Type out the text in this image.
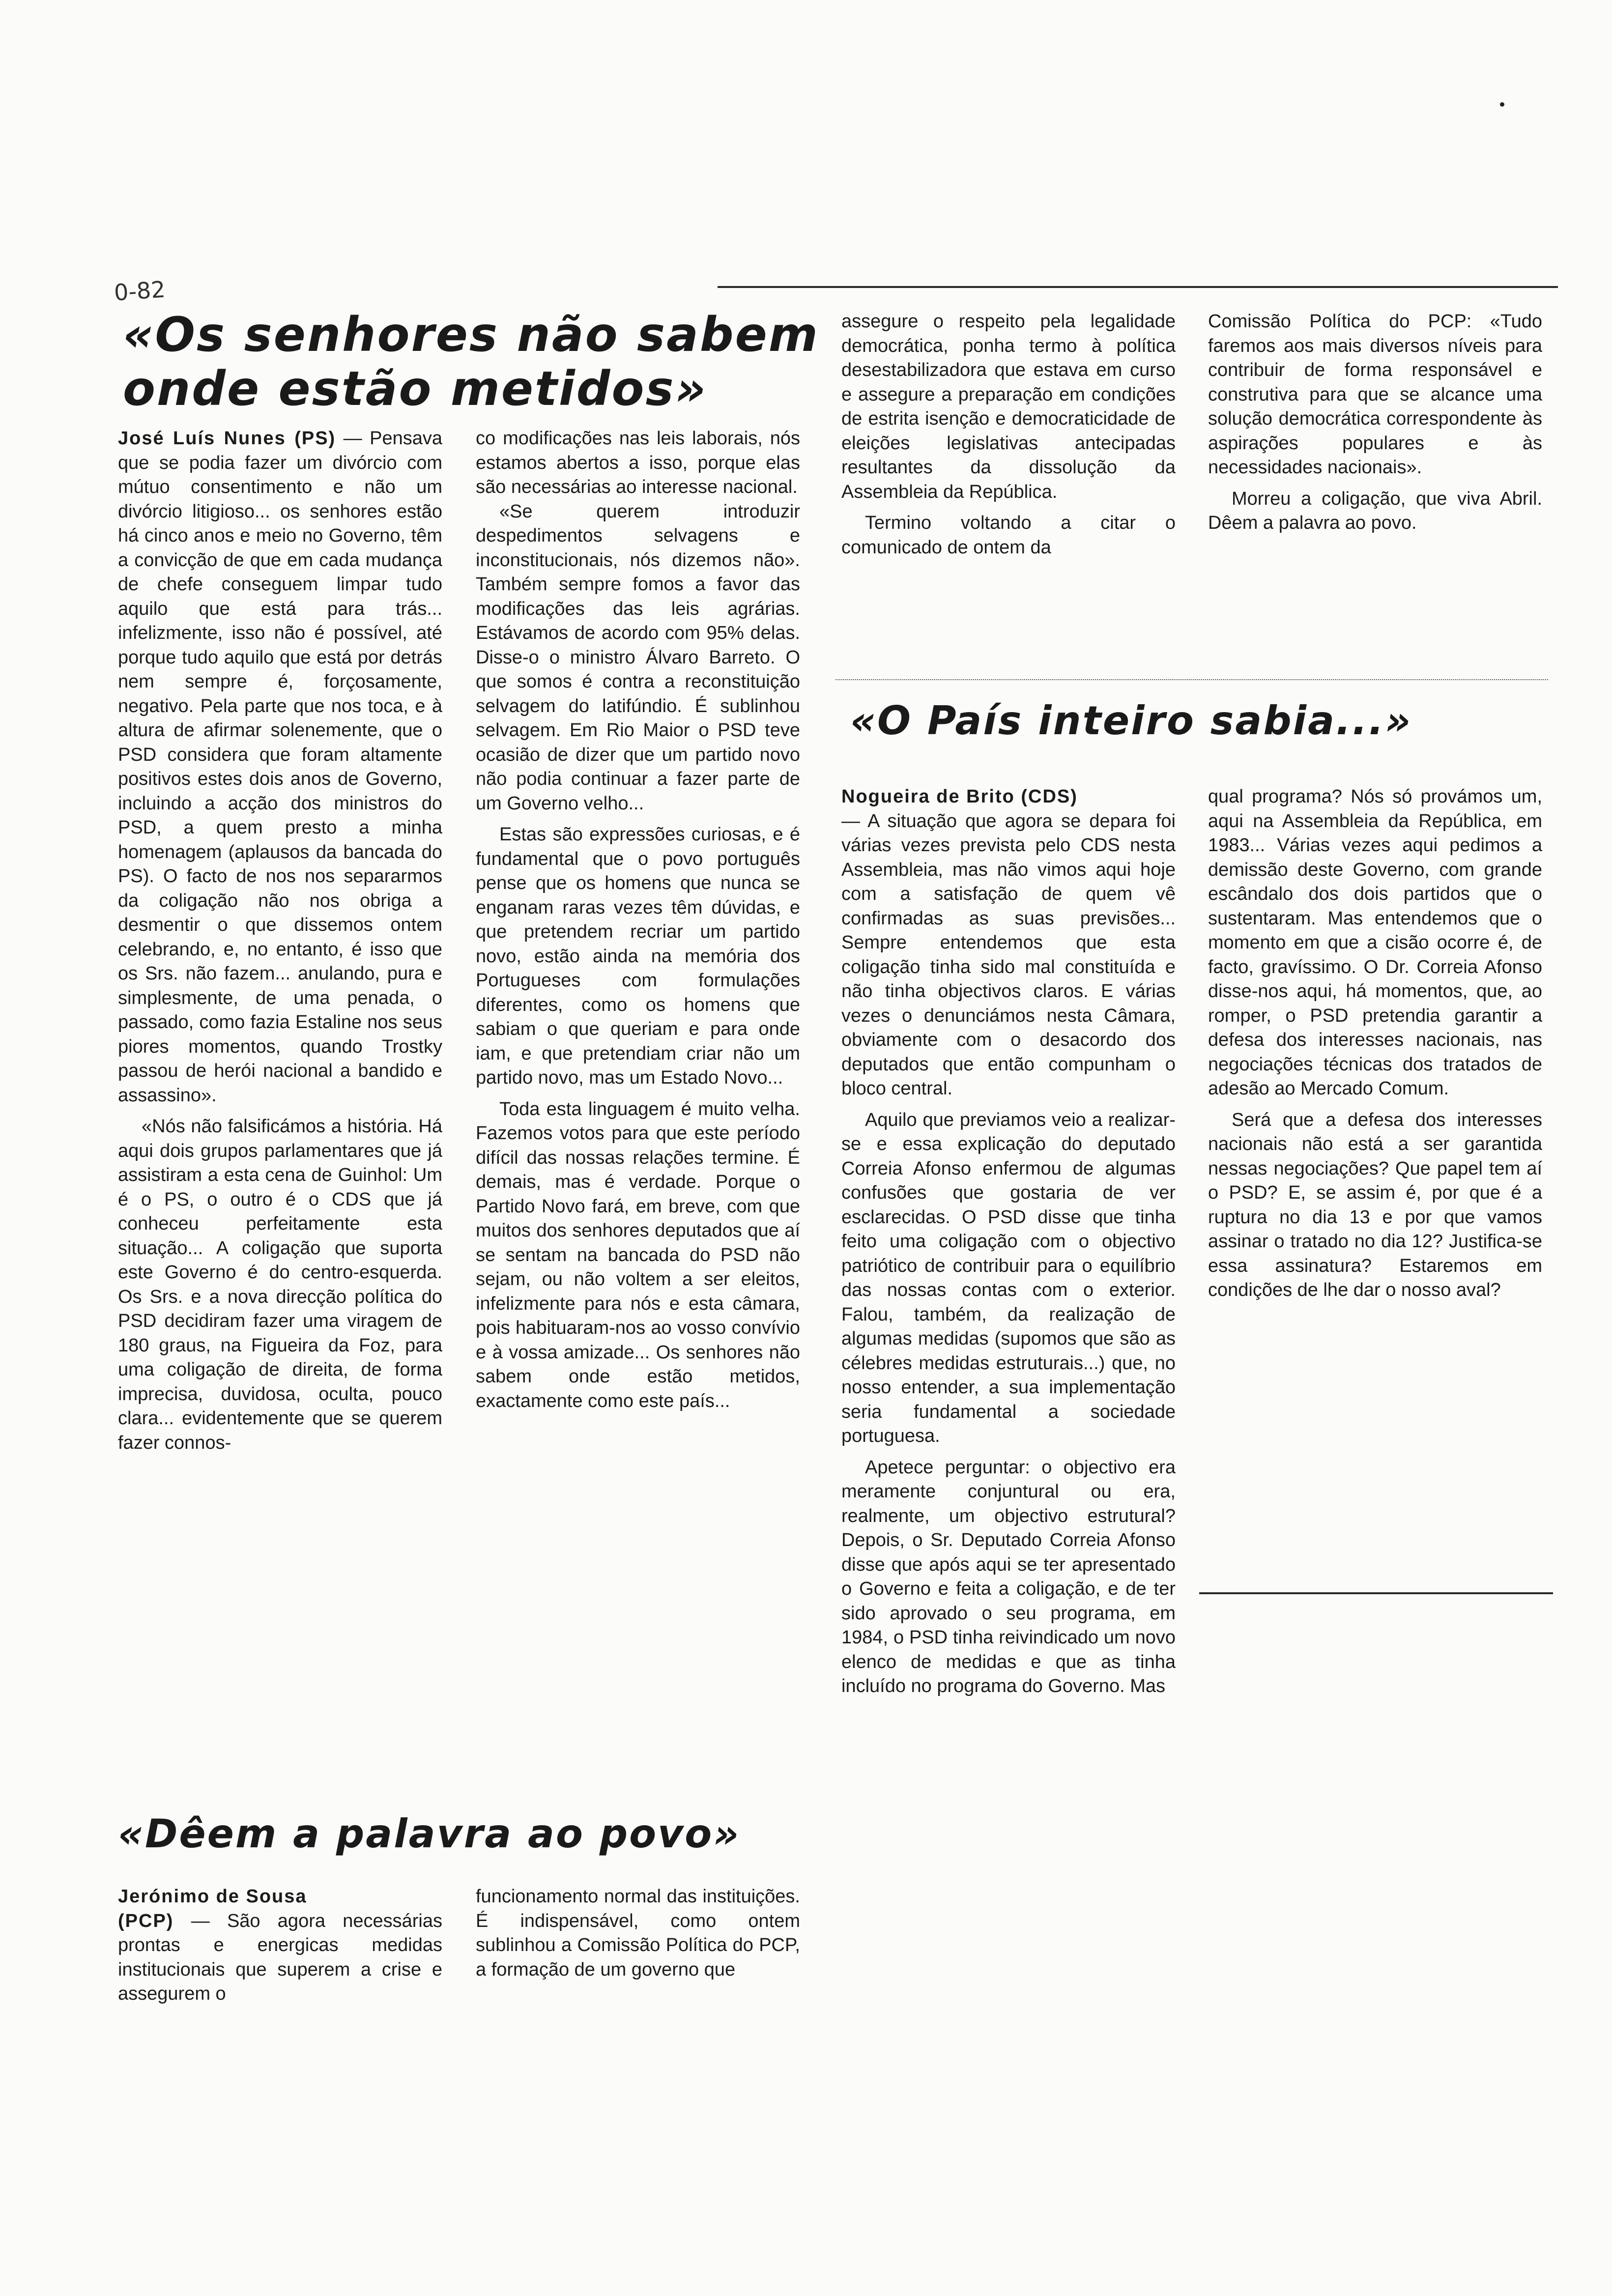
0-82
«Os senhores não sabem
onde estão metidos»

José Luís Nunes (PS) — Pensava que se podia fazer um divórcio com mútuo consentimento e não um divórcio litigioso... os senhores estão há cinco anos e meio no Governo, têm a convicção de que em cada mudança de chefe conseguem limpar tudo aquilo que está para trás... infelizmente, isso não é possível, até porque tudo aquilo que está por detrás nem sempre é, forçosamente, negativo. Pela parte que nos toca, e à altura de afirmar solenemente, que o PSD considera que foram altamente positivos estes dois anos de Governo, incluindo a acção dos ministros do PSD, a quem presto a minha homenagem (aplausos da bancada do PS). O facto de nos nos separarmos da coligação não nos obriga a desmentir o que dissemos ontem celebrando, e, no entanto, é isso que os Srs. não fazem... anulando, pura e simplesmente, de uma penada, o passado, como fazia Estaline nos seus piores momentos, quando Trostky passou de herói nacional a bandido e assassino».

«Nós não falsificámos a história. Há aqui dois grupos parlamentares que já assistiram a esta cena de Guinhol: Um é o PS, o outro é o CDS que já conheceu perfeitamente esta situação... A coligação que suporta este Governo é do centro-esquerda. Os Srs. e a nova direcção política do PSD decidiram fazer uma viragem de 180 graus, na Figueira da Foz, para uma coligação de direita, de forma imprecisa, duvidosa, oculta, pouco clara... evidentemente que se querem fazer connos-

co modificações nas leis laborais, nós estamos abertos a isso, porque elas são necessárias ao interesse nacional.

«Se querem introduzir despedimentos selvagens e inconstitucionais, nós dizemos não». Também sempre fomos a favor das modificações das leis agrárias. Estávamos de acordo com 95% delas. Disse-o o ministro Álvaro Barreto. O que somos é contra a reconstituição selvagem do latifúndio. É sublinhou selvagem. Em Rio Maior o PSD teve ocasião de dizer que um partido novo não podia continuar a fazer parte de um Governo velho...

Estas são expressões curiosas, e é fundamental que o povo português pense que os homens que nunca se enganam raras vezes têm dúvidas, e que pretendem recriar um partido novo, estão ainda na memória dos Portugueses com formulações diferentes, como os homens que sabiam o que queriam e para onde iam, e que pretendiam criar não um partido novo, mas um Estado Novo...

Toda esta linguagem é muito velha. Fazemos votos para que este período difícil das nossas relações termine. É demais, mas é verdade. Porque o Partido Novo fará, em breve, com que muitos dos senhores deputados que aí se sentam na bancada do PSD não sejam, ou não voltem a ser eleitos, infelizmente para nós e esta câmara, pois habituaram-nos ao vosso convívio e à vossa amizade... Os senhores não sabem onde estão metidos, exactamente como este país...

assegure o respeito pela legalidade democrática, ponha termo à política desestabilizadora que estava em curso e assegure a preparação em condições de estrita isenção e democraticidade de eleições legislativas antecipadas resultantes da dissolução da Assembleia da República.

Termino voltando a citar o comunicado de ontem da

Comissão Política do PCP: «Tudo faremos aos mais diversos níveis para contribuir de forma responsável e construtiva para que se alcance uma solução democrática correspondente às aspirações populares e às necessidades nacionais».

Morreu a coligação, que viva Abril. Dêem a palavra ao povo.

«O País inteiro sabia...»

Nogueira de Brito (CDS)

— A situação que agora se depara foi várias vezes prevista pelo CDS nesta Assembleia, mas não vimos aqui hoje com a satisfação de quem vê confirmadas as suas previsões... Sempre entendemos que esta coligação tinha sido mal constituída e não tinha objectivos claros. E várias vezes o denunciámos nesta Câmara, obviamente com o desacordo dos deputados que então compunham o bloco central.

Aquilo que previamos veio a realizar-se e essa explicação do deputado Correia Afonso enfermou de algumas confusões que gostaria de ver esclarecidas. O PSD disse que tinha feito uma coligação com o objectivo patriótico de contribuir para o equilíbrio das nossas contas com o exterior. Falou, também, da realização de algumas medidas (supomos que são as célebres medidas estruturais...) que, no nosso entender, a sua implementação seria fundamental a sociedade portuguesa.

Apetece perguntar: o objectivo era meramente conjuntural ou era, realmente, um objectivo estrutural? Depois, o Sr. Deputado Correia Afonso disse que após aqui se ter apresentado o Governo e feita a coligação, e de ter sido aprovado o seu programa, em 1984, o PSD tinha reivindicado um novo elenco de medidas e que as tinha incluído no programa do Governo. Mas

qual programa? Nós só provámos um, aqui na Assembleia da República, em 1983... Várias vezes aqui pedimos a demissão deste Governo, com grande escândalo dos dois partidos que o sustentaram. Mas entendemos que o momento em que a cisão ocorre é, de facto, gravíssimo. O Dr. Correia Afonso disse-nos aqui, há momentos, que, ao romper, o PSD pretendia garantir a defesa dos interesses nacionais, nas negociações técnicas dos tratados de adesão ao Mercado Comum.

Será que a defesa dos interesses nacionais não está a ser garantida nessas negociações? Que papel tem aí o PSD? E, se assim é, por que é a ruptura no dia 13 e por que vamos assinar o tratado no dia 12? Justifica-se essa assinatura? Estaremos em condições de lhe dar o nosso aval?

«Dêem a palavra ao povo»

Jerónimo de Sousa

(PCP) — São agora necessárias prontas e energicas medidas institucionais que superem a crise e assegurem o

funcionamento normal das instituições. É indispensável, como ontem sublinhou a Comissão Política do PCP, a formação de um governo que
